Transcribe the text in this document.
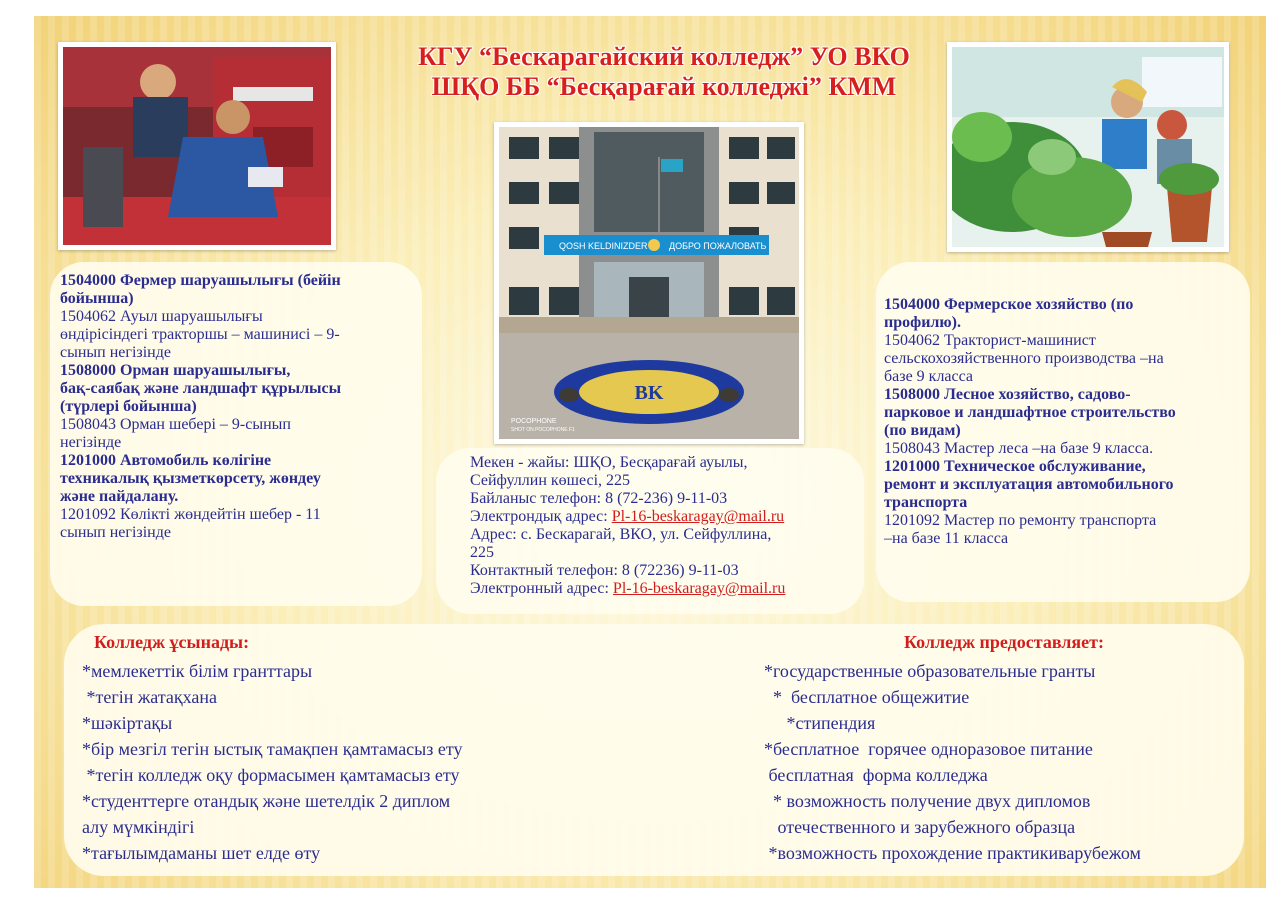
КГУ “Бескарагайский колледж” УО ВКО
ШҚО ББ “Бесқарағай колледжі” КММ
QOSH KELDINIZDER ДОБРО ПОЖАЛОВАТЬ
BK
POCOPHONE
SHOT ON POCOPHONE F1
1504000 Фермер шаруашылығы (бейін
бойынша)
1504062 Ауыл шаруашылығы
өндірісіндегі тракторшы – машинисі – 9-
сынып негізінде
1508000 Орман шаруашылығы,
бақ-саябақ және ландшафт құрылысы
(түрлері бойынша)
1508043 Орман шебері – 9-сынып
негізінде
1201000 Автомобиль көлігіне
техникалық қызметкөрсету, жөндеу
және пайдалану.
1201092 Көлікті жөндейтін шебер - 11
сынып негізінде
Мекен - жайы: ШҚО, Бесқарағай ауылы,
Сейфуллин көшесі, 225
Байланыс телефон: 8 (72-236) 9-11-03
Электрондық адрес: Pl-16-beskaragay@mail.ru
Адрес: с. Бескарагай, ВКО, ул. Сейфуллина,
225
Контактный телефон: 8 (72236) 9-11-03
Электронный адрес: Pl-16-beskaragay@mail.ru
1504000 Фермерское хозяйство (по
профилю).
1504062 Тракторист-машинист
сельскохозяйственного производства –на
базе 9 класса
1508000 Лесное хозяйство, садово-
парковое и ландшафтное строительство
(по видам)
1508043 Мастер леса –на базе 9 класса.
1201000 Техническое обслуживание,
ремонт и эксплуатация автомобильного
транспорта
1201092 Мастер по ремонту транспорта
–на базе 11 класса
Колледж ұсынады:
*мемлекеттік білім гранттары
*тегін жатақхана
*шәкіртақы
*бір мезгіл тегін ыстық тамақпен қамтамасыз ету
*тегін колледж оқу формасымен қамтамасыз ету
*студенттерге отандық және шетелдік 2 диплом
алу мүмкіндігі
*тағылымдаманы шет елде өту
Колледж предоставляет:
*государственные образовательные гранты
*  бесплатное общежитие
*стипендия
*бесплатное  горячее одноразовое питание
бесплатная  форма колледжа
* возможность получение двух дипломов
отечественного и зарубежного образца
*возможность прохождение практикиварубежом
